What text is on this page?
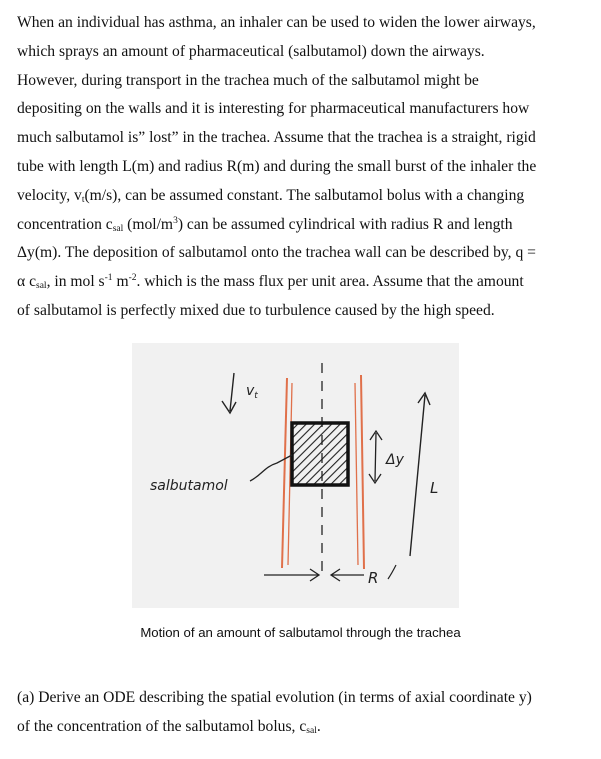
When an individual has asthma, an inhaler can be used to widen the lower airways,
which sprays an amount of pharmaceutical (salbutamol) down the airways.
However, during transport in the trachea much of the salbutamol might be
depositing on the walls and it is interesting for pharmaceutical manufacturers how
much salbutamol is” lost” in the trachea. Assume that the trachea is a straight, rigid
tube with length L(m) and radius R(m) and during the small burst of the inhaler the
velocity, $v_t(m/s)$, can be assumed constant. The salbutamol bolus with a changing
concentration $c_{sal}$ $(mol/m^3)$ can be assumed cylindrical with radius R and length
Δy(m). The deposition of salbutamol onto the trachea wall can be described by, q =
α $c_{sal}$, in mol $s^{-1}$ $m^{-2}$. which is the mass flux per unit area. Assume that the amount
of salbutamol is perfectly mixed due to turbulence caused by the high speed.
$v_t$
salbutamol
Δy
L
R
Motion of an amount of salbutamol through the trachea
(a) Derive an ODE describing the spatial evolution (in terms of axial coordinate y)
of the concentration of the salbutamol bolus, $c_{sal}$.
